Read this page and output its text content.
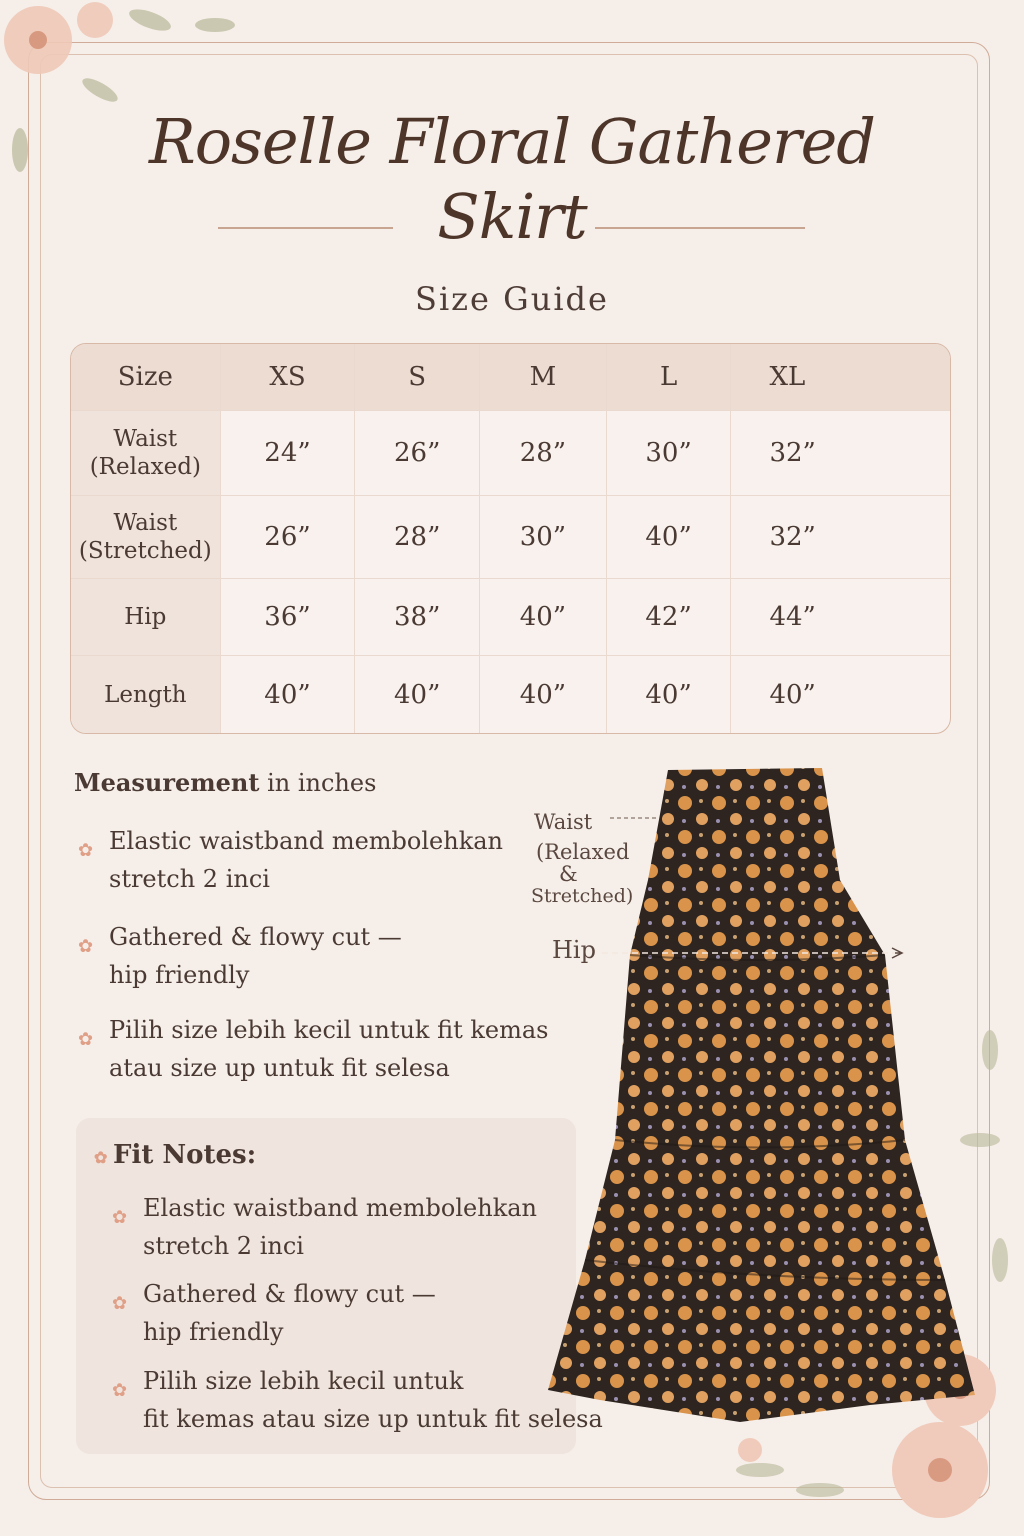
Roselle Floral Gathered
Skirt
Size Guide
Size	XS	S	M	L	XL
Waist
(Relaxed)	24”	26”	28”	30”	32”
Waist
(Stretched)	26”	28”	30”	40”	32”
Hip	36”	38”	40”	42”	44”
Length	40”	40”	40”	40”	40”
Measurement in inches
✿ Elastic waistband membolehkan
stretch 2 inci
✿ Gathered & flowy cut —
hip friendly
✿ Pilih size lebih kecil untuk fit kemas
atau size up untuk fit selesa
✿ Fit Notes:
✿ Elastic waistband membolehkan
stretch 2 inci
✿ Gathered & flowy cut —
hip friendly
✿ Pilih size lebih kecil untuk
fit kemas atau size up untuk fit selesa
Waist
(Relaxed
&
Stretched)
Hip
